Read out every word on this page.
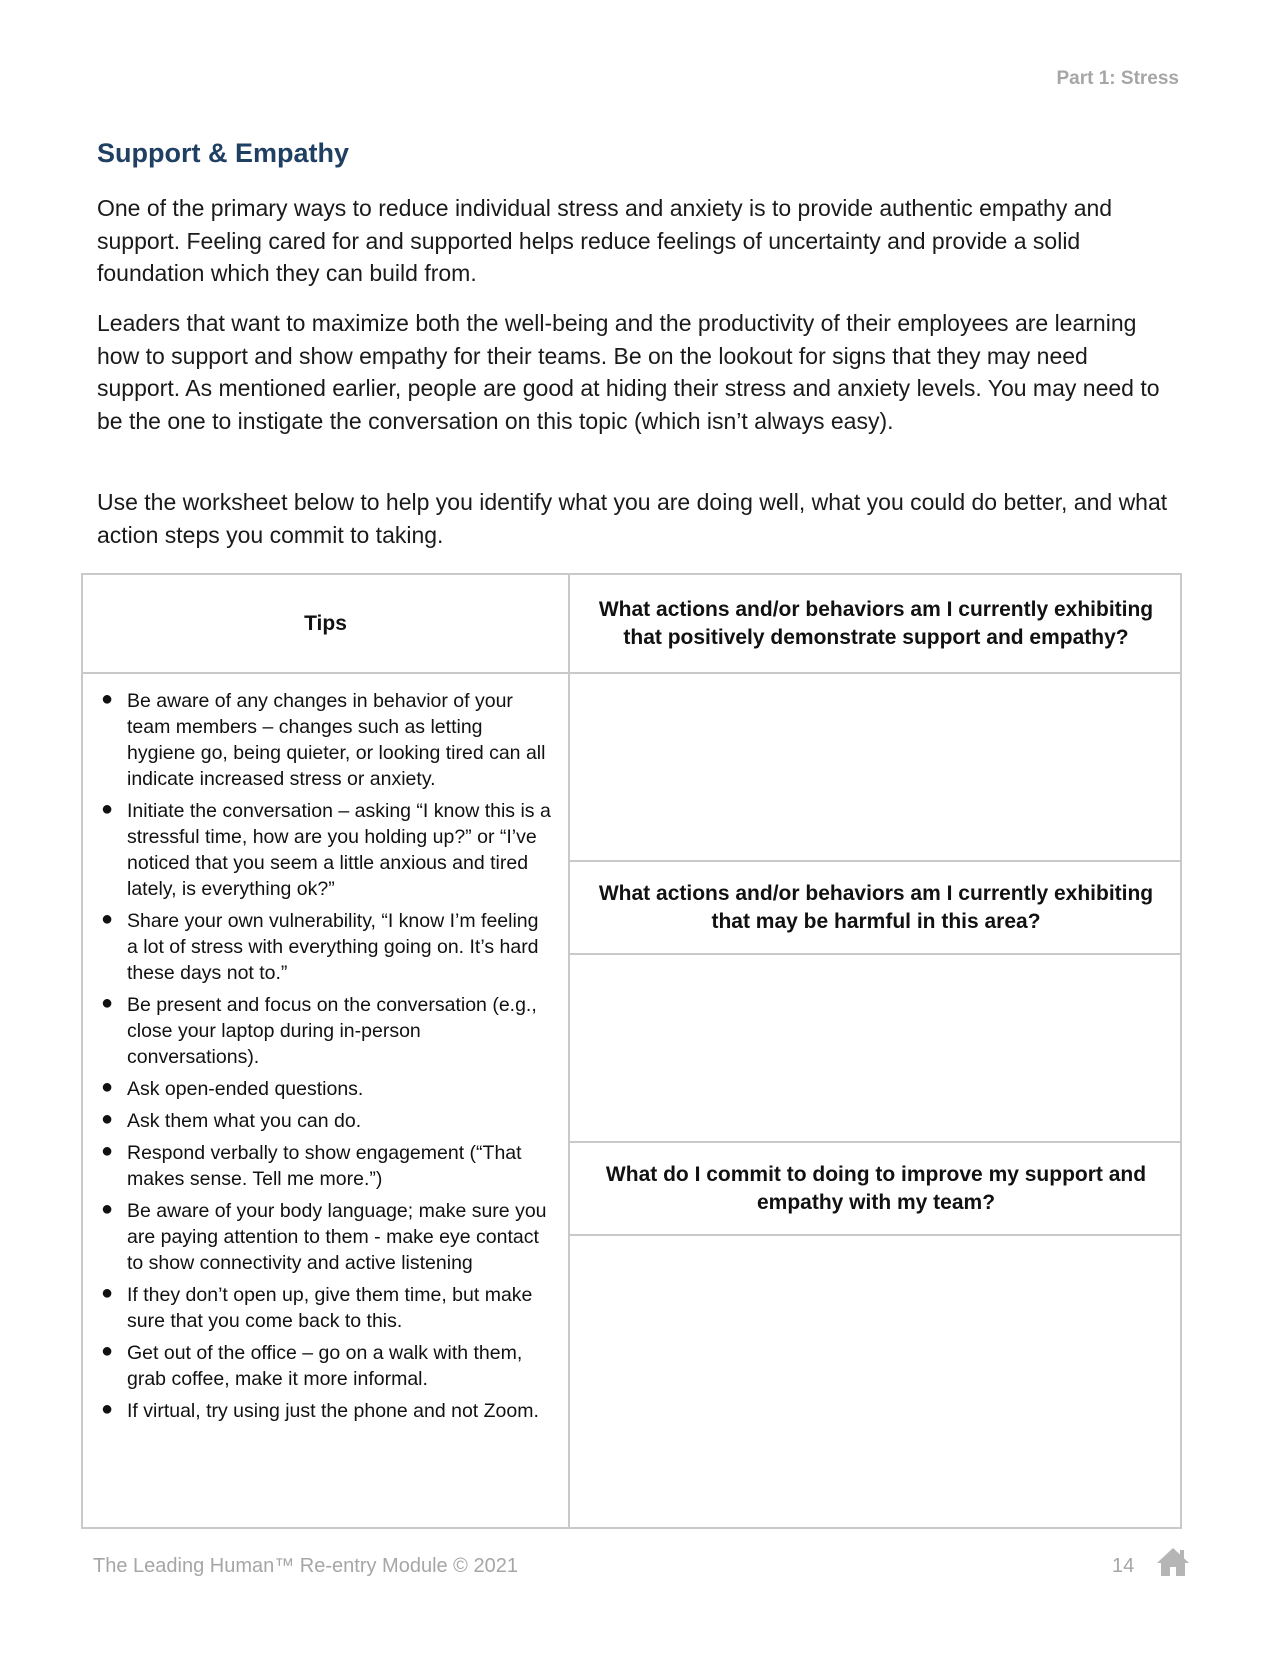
Part 1: Stress
Support & Empathy

One of the primary ways to reduce individual stress and anxiety is to provide authentic empathy and support. Feeling cared for and supported helps reduce feelings of uncertainty and provide a solid foundation which they can build from.

Leaders that want to maximize both the well-being and the productivity of their employees are learning how to support and show empathy for their teams. Be on the lookout for signs that they may need support. As mentioned earlier, people are good at hiding their stress and anxiety levels. You may need to be the one to instigate the conversation on this topic (which isn’t always easy).

Use the worksheet below to help you identify what you are doing well, what you could do better, and what action steps you commit to taking.

Tips
What actions and/or behaviors am I currently exhibiting that positively demonstrate support and empathy?
What actions and/or behaviors am I currently exhibiting that may be harmful in this area?
What do I commit to doing to improve my support and empathy with my team?
● Be aware of any changes in behavior of your team members – changes such as letting hygiene go, being quieter, or looking tired can all indicate increased stress or anxiety.
● Initiate the conversation – asking “I know this is a stressful time, how are you holding up?” or “I’ve noticed that you seem a little anxious and tired lately, is everything ok?”
● Share your own vulnerability, “I know I’m feeling a lot of stress with everything going on. It’s hard these days not to.”
● Be present and focus on the conversation (e.g., close your laptop during in-person conversations).
● Ask open-ended questions.
● Ask them what you can do.
● Respond verbally to show engagement (“That makes sense. Tell me more.”)
● Be aware of your body language; make sure you are paying attention to them - make eye contact to show connectivity and active listening
● If they don’t open up, give them time, but make sure that you come back to this.
● Get out of the office – go on a walk with them, grab coffee, make it more informal.
● If virtual, try using just the phone and not Zoom.
The Leading Human™ Re-entry Module © 2021	14
